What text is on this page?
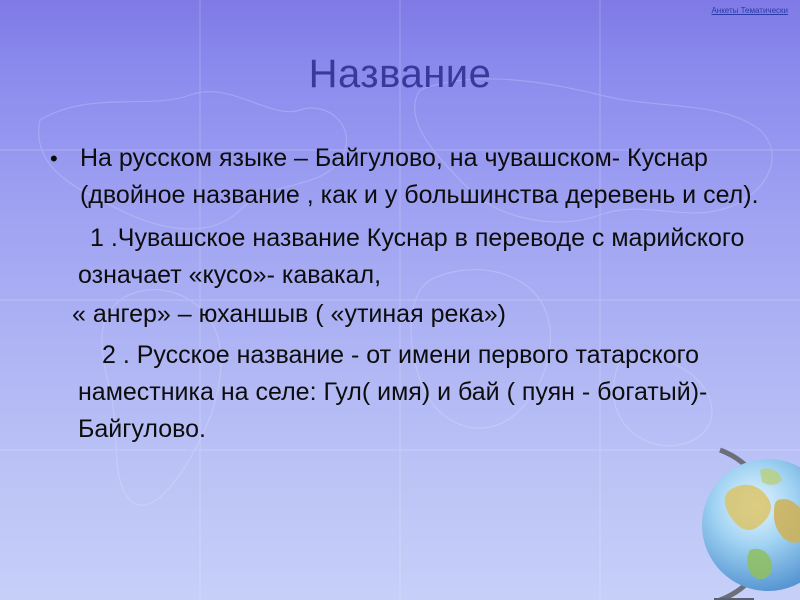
Анкеты Тематически
Название
• На русском языке – Байгулово, на чувашском- Куснар (двойное название , как и у большинства деревень и сел).
1 .Чувашское название Куснар в переводе с марийского означает «кусо»- кавакал,
« ангер» – юханшыв ( «утиная река»)
2 . Русское название - от имени первого татарского наместника на селе: Гул( имя) и бай ( пуян - богатый)- Байгулово.
